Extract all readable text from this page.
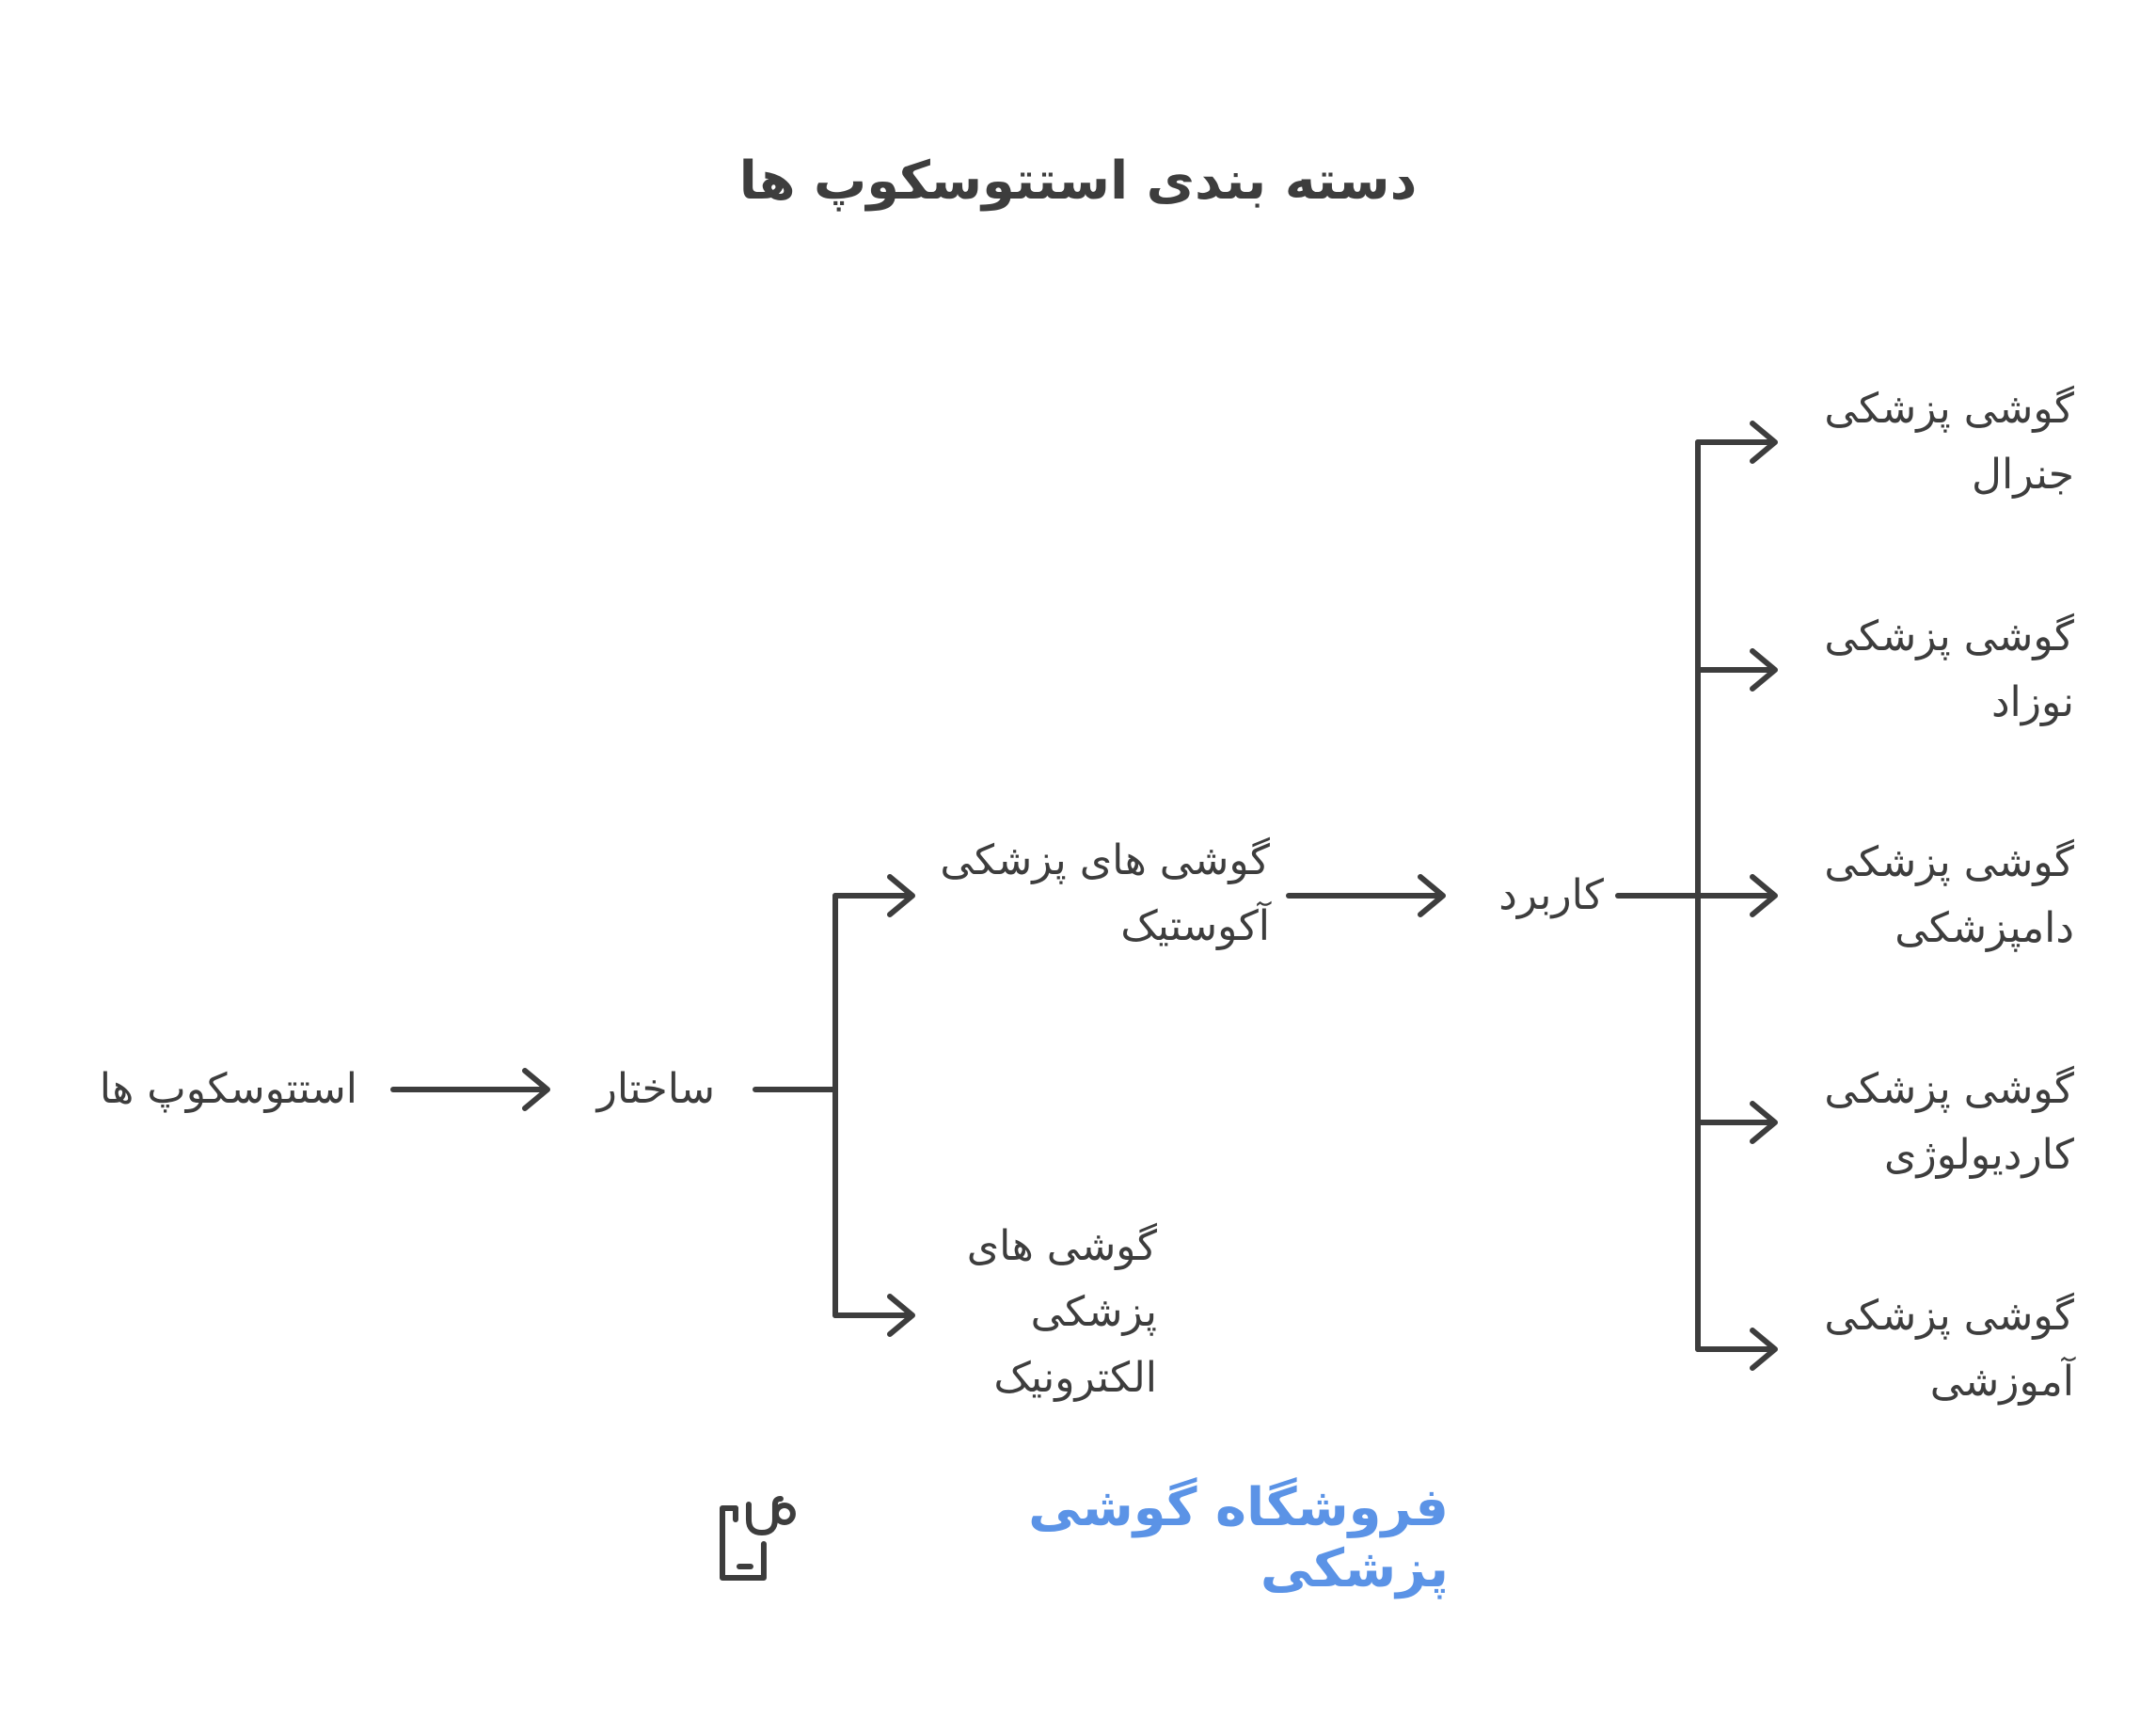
دسته بندی استتوسکوپ ها
استتوسکوپ ها	ساختار
گوشی های پزشکی آکوستیک
گوشی های پزشکی الکترونیک
کاربرد
گوشی پزشکی جنرال
گوشی پزشکی نوزاد
گوشی پزشکی دامپزشکی
گوشی پزشکی کاردیولوژی
گوشی پزشکی آموزشی
فروشگاه گوشی پزشکی
